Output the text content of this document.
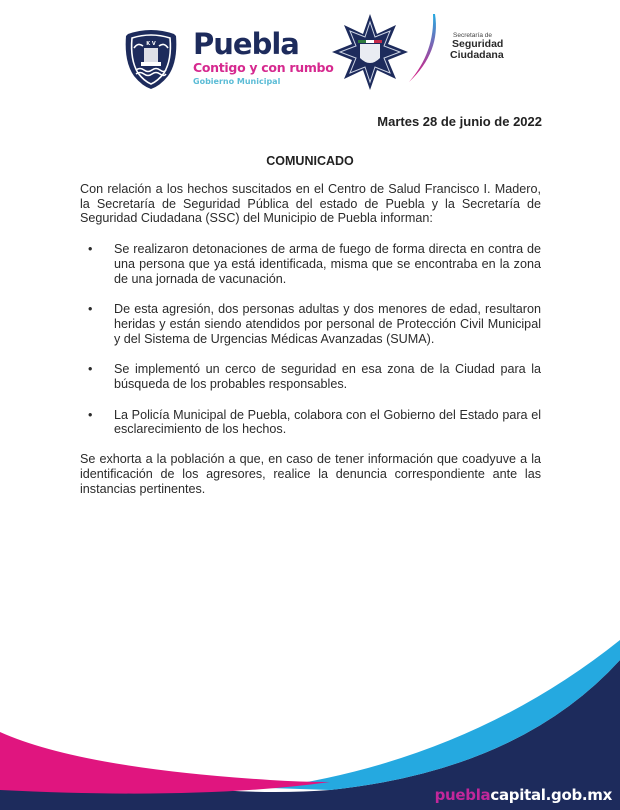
K V Puebla
Contigo y con rumbo
Gobierno Municipal
Secretaría de
Seguridad
Ciudadana
Martes 28 de junio de 2022
COMUNICADO

Con relación a los hechos suscitados en el Centro de Salud Francisco I. Madero, la Secretaría de Seguridad Pública del estado de Puebla y la Secretaría de Seguridad Ciudadana (SSC) del Municipio de Puebla informan:

• Se realizaron detonaciones de arma de fuego de forma directa en contra de una persona que ya está identificada, misma que se encontraba en la zona de una jornada de vacunación.
• De esta agresión, dos personas adultas y dos menores de edad, resultaron heridas y están siendo atendidos por personal de Protección Civil Municipal y del Sistema de Urgencias Médicas Avanzadas (SUMA).
• Se implementó un cerco de seguridad en esa zona de la Ciudad para la búsqueda de los probables responsables.
• La Policía Municipal de Puebla, colabora con el Gobierno del Estado para el esclarecimiento de los hechos.

Se exhorta a la población a que, en caso de tener información que coadyuve a la identificación de los agresores, realice la denuncia correspondiente ante las instancias pertinentes.

pueblacapital.gob.mx
